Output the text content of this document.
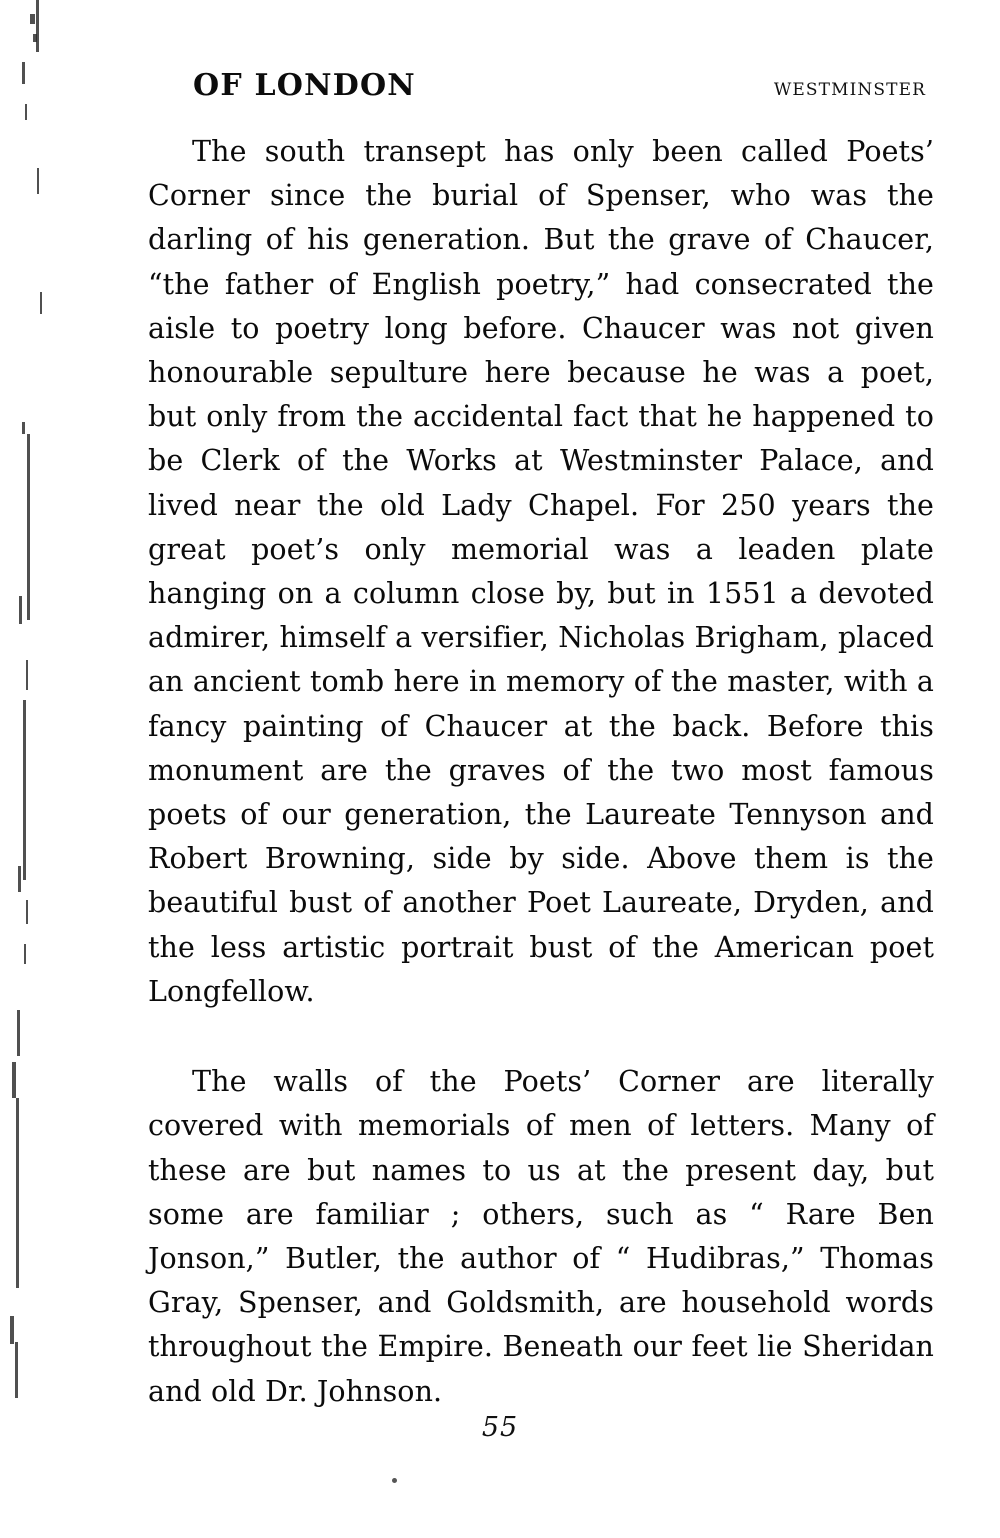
OF LONDON	WESTMINSTER

The south transept has only been called Poets’ Corner since the burial of Spenser, who was the darling of his generation. But the grave of Chaucer, “the father of English poetry,” had consecrated the aisle to poetry long before. Chaucer was not given honourable sepulture here because he was a poet, but only from the accidental fact that he happened to be Clerk of the Works at Westminster Palace, and lived near the old Lady Chapel. For 250 years the great poet’s only memorial was a leaden plate hanging on a column close by, but in 1551 a devoted admirer, himself a versifier, Nicholas Brigham, placed an ancient tomb here in memory of the master, with a fancy painting of Chaucer at the back. Before this monument are the graves of the two most famous poets of our generation, the Laureate Tennyson and Robert Browning, side by side. Above them is the beautiful bust of another Poet Laureate, Dryden, and the less artistic portrait bust of the American poet Longfellow.

The walls of the Poets’ Corner are literally covered with memorials of men of letters. Many of these are but names to us at the present day, but some are familiar ; others, such as “ Rare Ben Jonson,” Butler, the author of “ Hudibras,” Thomas Gray, Spenser, and Goldsmith, are household words throughout the Empire. Beneath our feet lie Sheridan and old Dr. Johnson.

55
